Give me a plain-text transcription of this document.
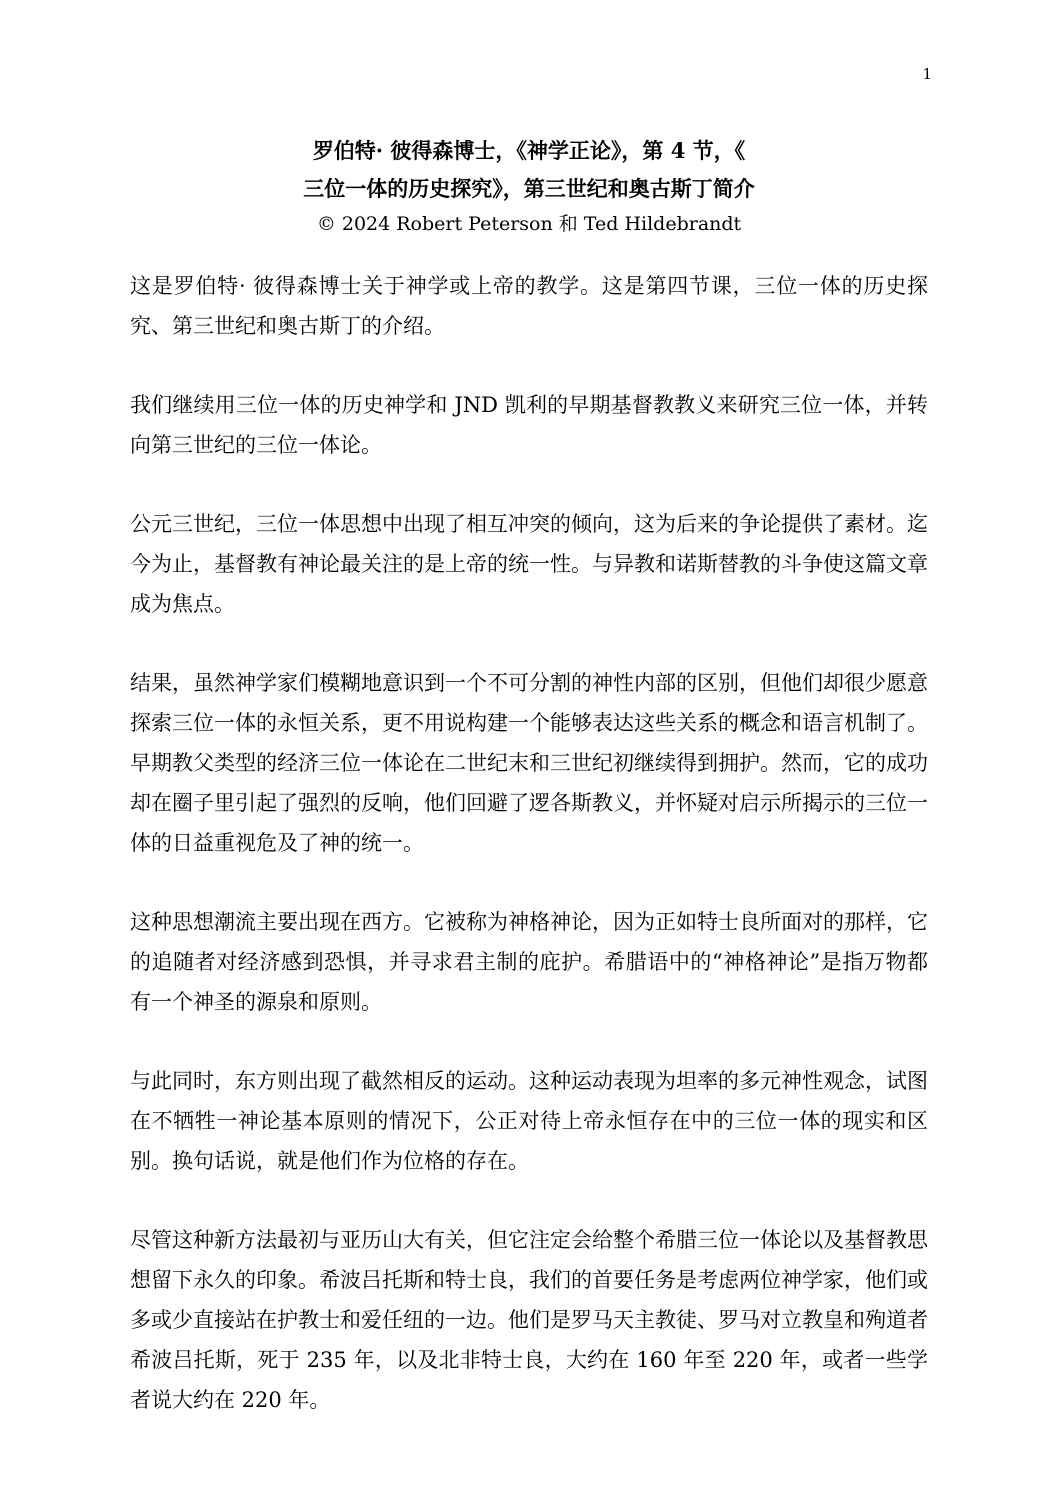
1
罗伯特· 彼得森博士，《神学正论》，第 4 节，《
三位一体的历史探究》，第三世纪和奥古斯丁简介
© 2024 Robert Peterson 和 Ted Hildebrandt

这是罗伯特· 彼得森博士关于神学或上帝的教学。这是第四节课，三位一体的历史探究、第三世纪和奥古斯丁的介绍。

我们继续用三位一体的历史神学和 JND 凯利的早期基督教教义来研究三位一体，并转向第三世纪的三位一体论。

公元三世纪，三位一体思想中出现了相互冲突的倾向，这为后来的争论提供了素材。迄今为止，基督教有神论最关注的是上帝的统一性。与异教和诺斯替教的斗争使这篇文章成为焦点。

结果，虽然神学家们模糊地意识到一个不可分割的神性内部的区别，但他们却很少愿意探索三位一体的永恒关系，更不用说构建一个能够表达这些关系的概念和语言机制了。早期教父类型的经济三位一体论在二世纪末和三世纪初继续得到拥护。然而，它的成功却在圈子里引起了强烈的反响，他们回避了逻各斯教义，并怀疑对启示所揭示的三位一体的日益重视危及了神的统一。

这种思想潮流主要出现在西方。它被称为神格神论，因为正如特士良所面对的那样，它的追随者对经济感到恐惧，并寻求君主制的庇护。希腊语中的“神格神论”是指万物都有一个神圣的源泉和原则。

与此同时，东方则出现了截然相反的运动。这种运动表现为坦率的多元神性观念，试图在不牺牲一神论基本原则的情况下，公正对待上帝永恒存在中的三位一体的现实和区别。换句话说，就是他们作为位格的存在。

尽管这种新方法最初与亚历山大有关，但它注定会给整个希腊三位一体论以及基督教思想留下永久的印象。希波吕托斯和特士良，我们的首要任务是考虑两位神学家，他们或多或少直接站在护教士和爱任纽的一边。他们是罗马天主教徒、罗马对立教皇和殉道者希波吕托斯，死于 235 年，以及北非特士良，大约在 160 年至 220 年，或者一些学者说大约在 220 年。
